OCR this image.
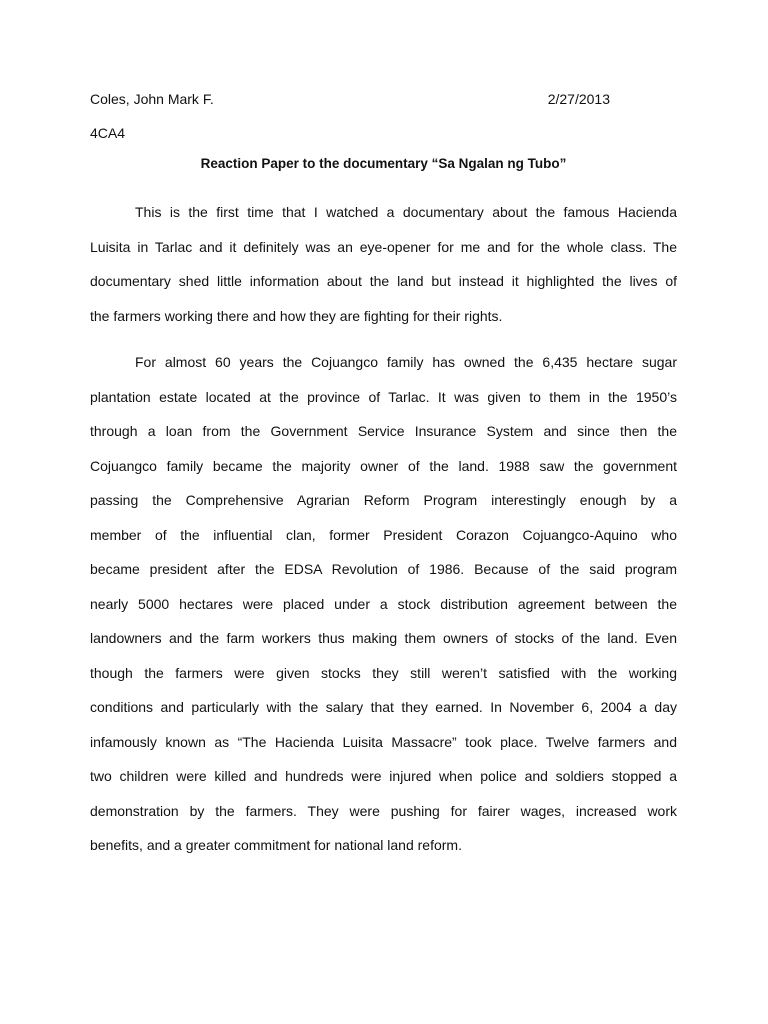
Coles, John Mark F.	2/27/2013
4CA4
Reaction Paper to the documentary “Sa Ngalan ng Tubo”
This is the first time that I watched a documentary about the famous Hacienda
Luisita in Tarlac and it definitely was an eye-opener for me and for the whole class. The
documentary shed little information about the land but instead it highlighted the lives of
the farmers working there and how they are fighting for their rights.
For almost 60 years the Cojuangco family has owned the 6,435 hectare sugar
plantation estate located at the province of Tarlac. It was given to them in the 1950’s
through a loan from the Government Service Insurance System and since then the
Cojuangco family became the majority owner of the land. 1988 saw the government
passing the Comprehensive Agrarian Reform Program interestingly enough by a
member of the influential clan, former President Corazon Cojuangco-Aquino who
became president after the EDSA Revolution of 1986. Because of the said program
nearly 5000 hectares were placed under a stock distribution agreement between the
landowners and the farm workers thus making them owners of stocks of the land. Even
though the farmers were given stocks they still weren’t satisfied with the working
conditions and particularly with the salary that they earned. In November 6, 2004 a day
infamously known as “The Hacienda Luisita Massacre” took place. Twelve farmers and
two children were killed and hundreds were injured when police and soldiers stopped a
demonstration by the farmers. They were pushing for fairer wages, increased work
benefits, and a greater commitment for national land reform.
